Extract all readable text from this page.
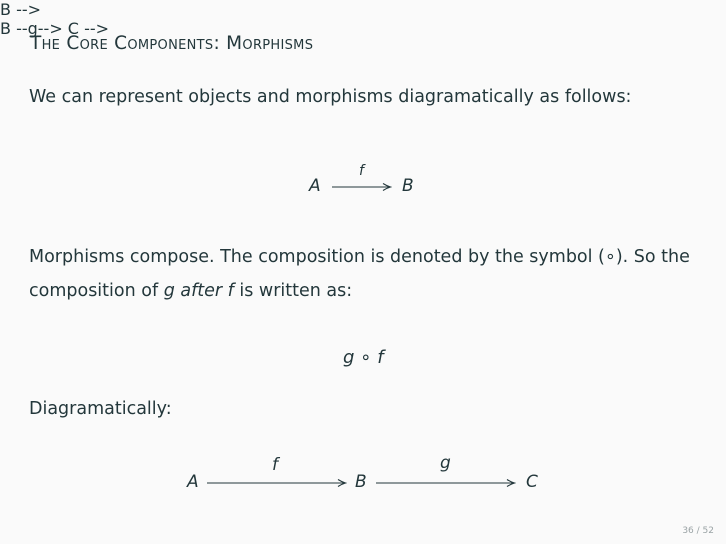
The Core Components: Morphisms
We can represent objects and morphisms diagramatically as follows:
B -->
A
f
B
Morphisms compose. The composition is denoted by the symbol (∘). So the composition of g after f is written as:
g ∘ f
Diagramatically:
B --g--> C -->
A
f
B
g
C
36 / 52
